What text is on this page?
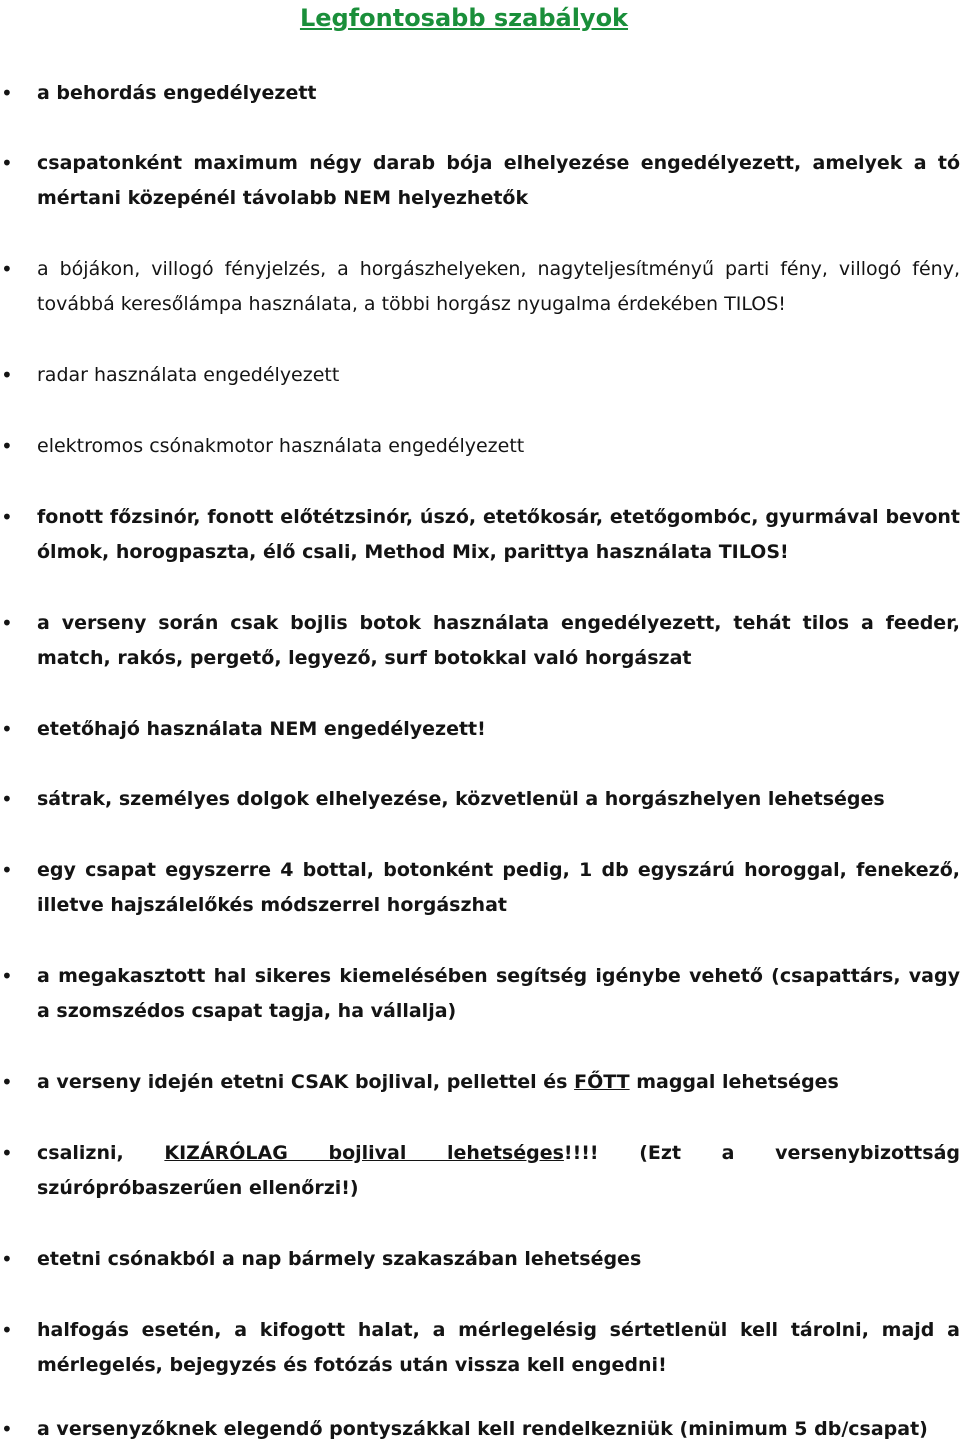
Legfontosabb szabályok
• a behordás engedélyezett
• csapatonként maximum négy darab bója elhelyezése engedélyezett, amelyek a tó mértani közepénél távolabb NEM helyezhetők
• a bójákon, villogó fényjelzés, a horgászhelyeken, nagyteljesítményű parti fény, villogó fény, továbbá keresőlámpa használata, a többi horgász nyugalma érdekében TILOS!
• radar használata engedélyezett
• elektromos csónakmotor használata engedélyezett
• fonott főzsinór, fonott előtétzsinór, úszó, etetőkosár, etetőgombóc, gyurmával bevont ólmok, horogpaszta, élő csali, Method Mix, parittya használata TILOS!
• a verseny során csak bojlis botok használata engedélyezett, tehát tilos a feeder, match, rakós, pergető, legyező, surf botokkal való horgászat
• etetőhajó használata NEM engedélyezett!
• sátrak, személyes dolgok elhelyezése, közvetlenül a horgászhelyen lehetséges
• egy csapat egyszerre 4 bottal, botonként pedig, 1 db egyszárú horoggal, fenekező, illetve hajszálelőkés módszerrel horgászhat
• a megakasztott hal sikeres kiemelésében segítség igénybe vehető (csapattárs, vagy a szomszédos csapat tagja, ha vállalja)
• a verseny idején etetni CSAK bojlival, pellettel és FŐTT maggal lehetséges
• csalizni, KIZÁRÓLAG bojlival lehetséges!!!! (Ezt a versenybizottság szúrópróbaszerűen ellenőrzi!)
• etetni csónakból a nap bármely szakaszában lehetséges
• halfogás esetén, a kifogott halat, a mérlegelésig sértetlenül kell tárolni, majd a mérlegelés, bejegyzés és fotózás után vissza kell engedni!
• a versenyzőknek elegendő pontyszákkal kell rendelkezniük (minimum 5 db/csapat)
